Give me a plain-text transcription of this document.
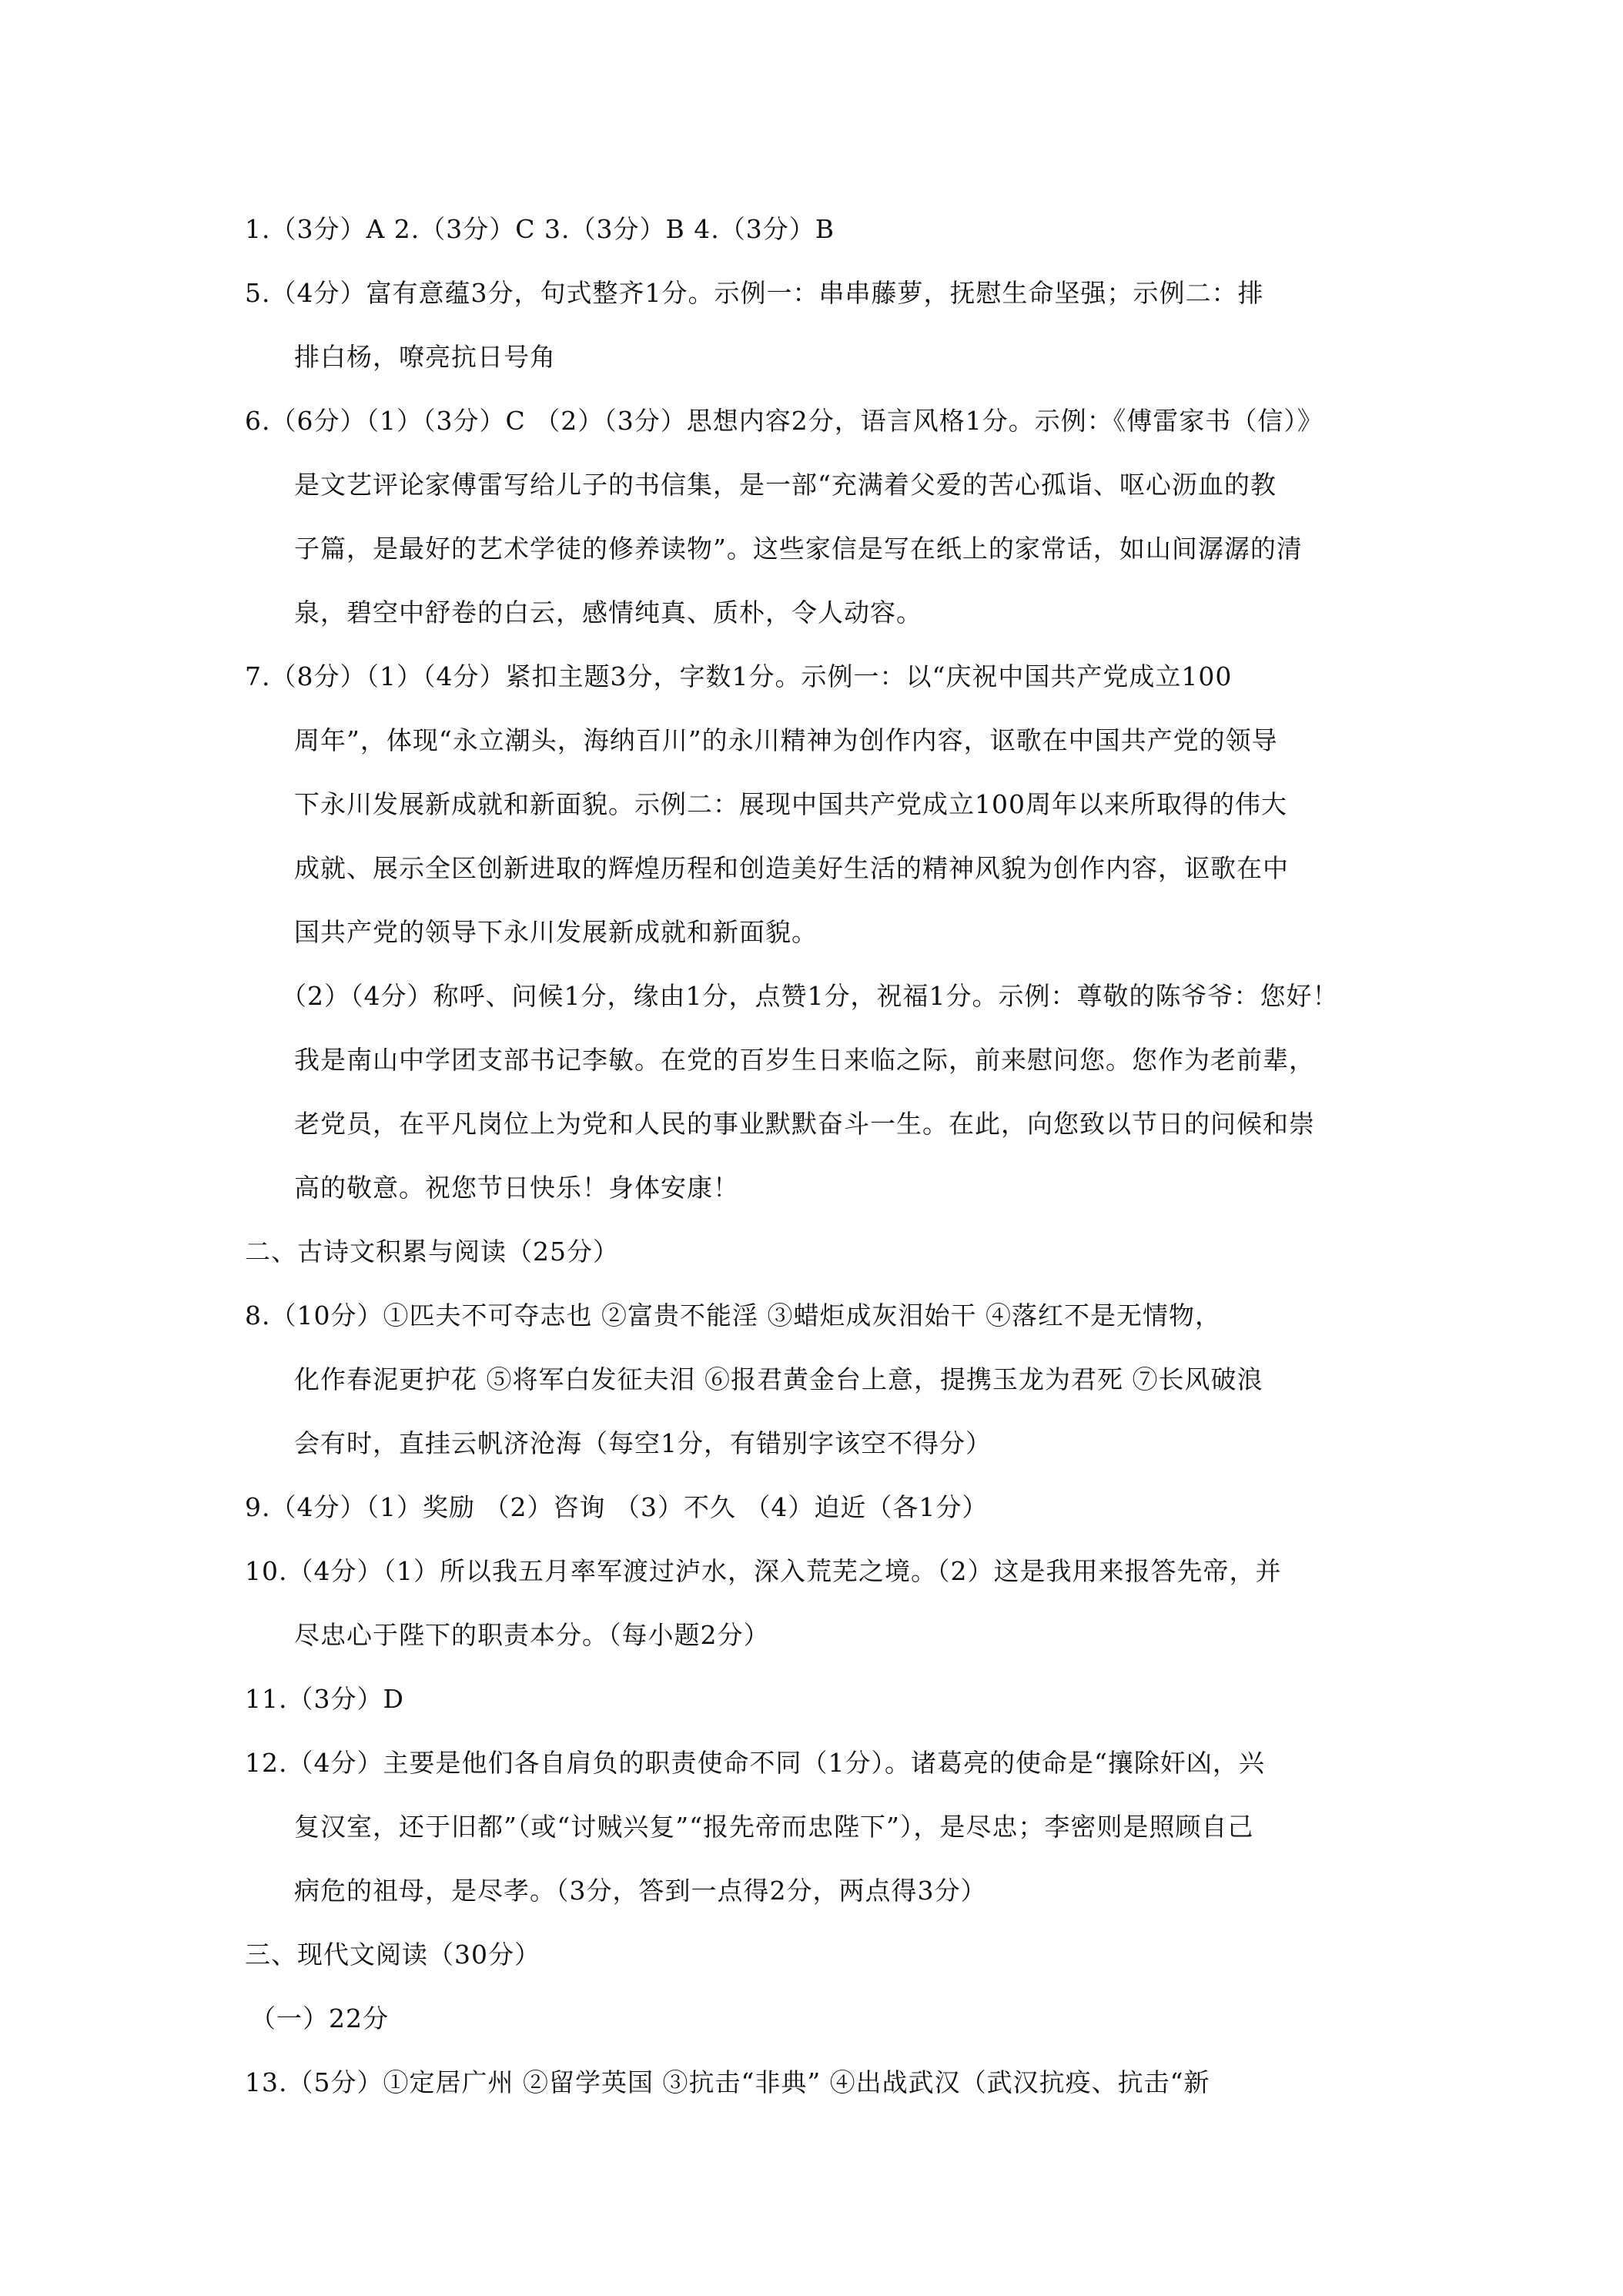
1.（3分）A 2.（3分）C 3.（3分）B 4.（3分）B
5.（4分）富有意蕴3分，句式整齐1分。示例一：串串藤萝，抚慰生命坚强；示例二：排
排白杨，嘹亮抗日号角
6.（6分）（1）（3分）C （2）（3分）思想内容2分，语言风格1分。示例：《傅雷家书（信）》
是文艺评论家傅雷写给儿子的书信集，是一部“充满着父爱的苦心孤诣、呕心沥血的教
子篇，是最好的艺术学徒的修养读物”。这些家信是写在纸上的家常话，如山间潺潺的清
泉，碧空中舒卷的白云，感情纯真、质朴，令人动容。
7.（8分）（1）（4分）紧扣主题3分，字数1分。示例一：以“庆祝中国共产党成立100
周年”，体现“永立潮头，海纳百川”的永川精神为创作内容，讴歌在中国共产党的领导
下永川发展新成就和新面貌。示例二：展现中国共产党成立100周年以来所取得的伟大
成就、展示全区创新进取的辉煌历程和创造美好生活的精神风貌为创作内容，讴歌在中
国共产党的领导下永川发展新成就和新面貌。
（2）（4分）称呼、问候1分，缘由1分，点赞1分，祝福1分。示例：尊敬的陈爷爷：您好！
我是南山中学团支部书记李敏。在党的百岁生日来临之际，前来慰问您。您作为老前辈，
老党员，在平凡岗位上为党和人民的事业默默奋斗一生。在此，向您致以节日的问候和崇
高的敬意。祝您节日快乐！身体安康！
二、古诗文积累与阅读（25分）
8.（10分）①匹夫不可夺志也 ②富贵不能淫 ③蜡炬成灰泪始干 ④落红不是无情物，
化作春泥更护花 ⑤将军白发征夫泪 ⑥报君黄金台上意，提携玉龙为君死 ⑦长风破浪
会有时，直挂云帆济沧海（每空1分，有错别字该空不得分）
9.（4分）（1）奖励 （2）咨询 （3）不久 （4）迫近（各1分）
10.（4分）（1）所以我五月率军渡过泸水，深入荒芜之境。（2）这是我用来报答先帝，并
尽忠心于陛下的职责本分。（每小题2分）
11.（3分）D
12.（4分）主要是他们各自肩负的职责使命不同（1分）。诸葛亮的使命是“攘除奸凶，兴
复汉室，还于旧都”（或“讨贼兴复”“报先帝而忠陛下”），是尽忠；李密则是照顾自己
病危的祖母，是尽孝。（3分，答到一点得2分，两点得3分）
三、现代文阅读（30分）
（一）22分
13.（5分）①定居广州 ②留学英国 ③抗击“非典” ④出战武汉（武汉抗疫、抗击“新
